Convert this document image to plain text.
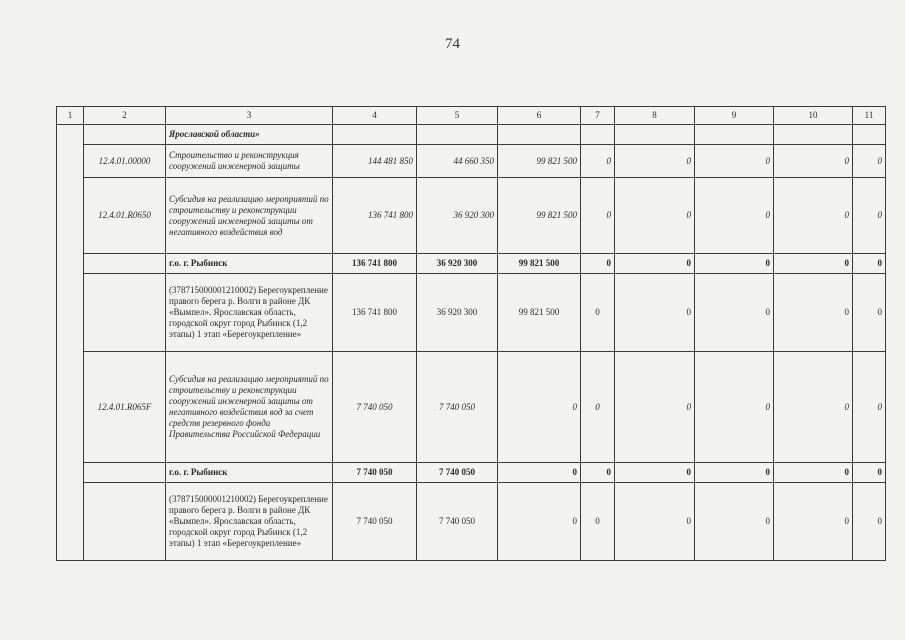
74
1	2	3	4	5	6	7	8	9	10	11
		Ярославской области»								
	12.4.01.00000	Строительство и реконструкция сооружений инженерной защиты	144 481 850	44 660 350	99 821 500	0	0	0	0	0
	12.4.01.R0650	Субсидия на реализацию мероприятий по строительству и реконструкции сооружений инженерной защиты от негативного воздействия вод	136 741 800	36 920 300	99 821 500	0	0	0	0	0
		г.о. г. Рыбинск	136 741 800	36 920 300	99 821 500	0	0	0	0	0
		(378715000001210002) Берегоукрепление правого берега р. Волги в районе ДК «Вымпел». Ярославская область, городской округ город Рыбинск (1,2 этапы) 1 этап «Берегоукрепление»	136 741 800	36 920 300	99 821 500	0	0	0	0	0
	12.4.01.R065F	Субсидия на реализацию мероприятий по строительству и реконструкции сооружений инженерной защиты от негативного воздействия вод за счет средств резервного фонда Правительства Российской Федерации	7 740 050	7 740 050	0	0	0	0	0	0
		г.о. г. Рыбинск	7 740 050	7 740 050	0	0	0	0	0	0
		(378715000001210002) Берегоукрепление правого берега р. Волги в районе ДК «Вымпел». Ярославская область, городской округ город Рыбинск (1,2 этапы) 1 этап «Берегоукрепление»	7 740 050	7 740 050	0	0	0	0	0	0
